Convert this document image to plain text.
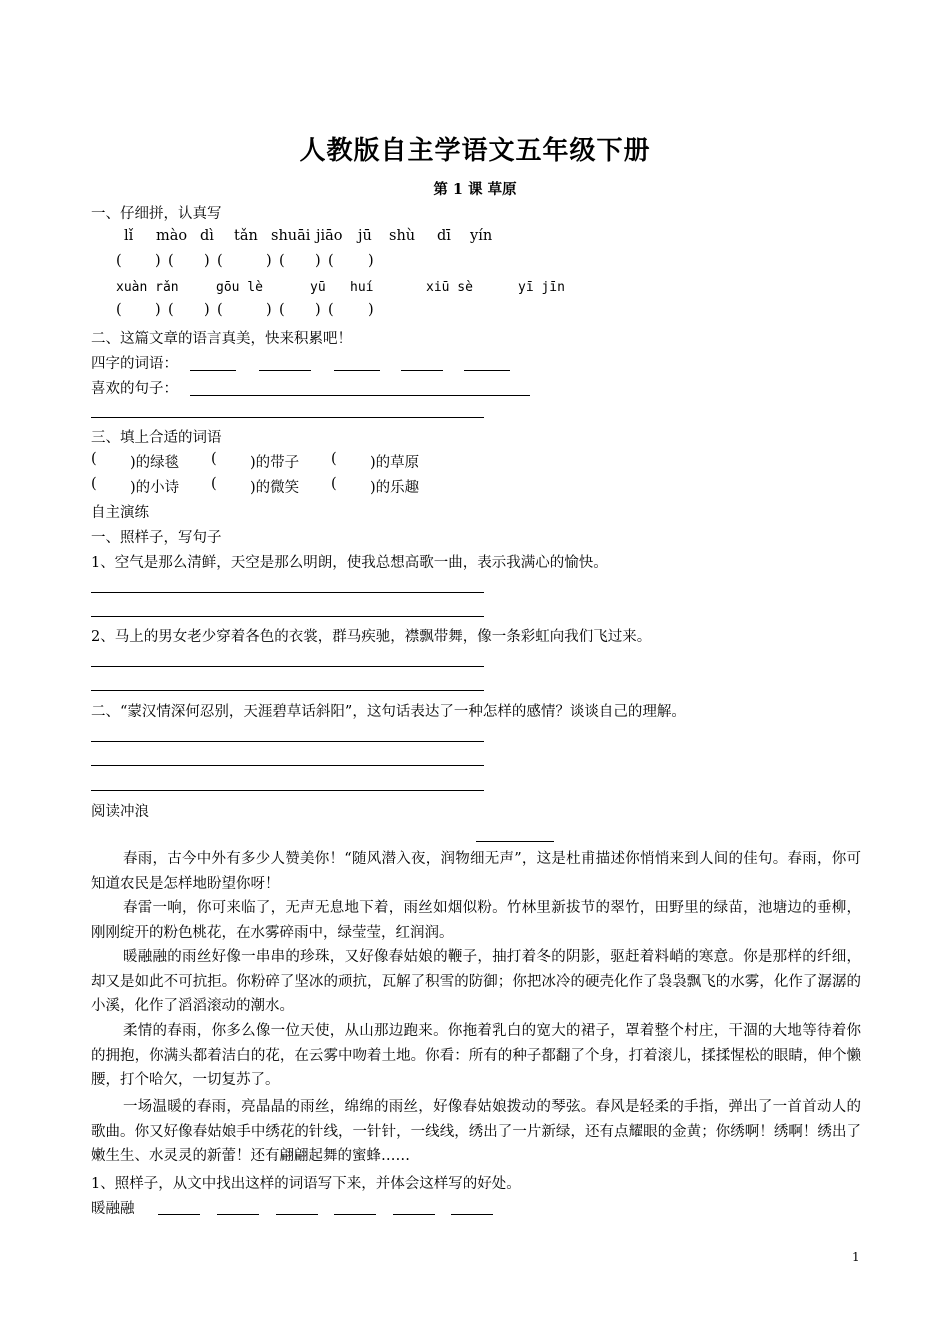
人教版自主学语文五年级下册
第 1 课 草原
一、仔细拼，认真写
lǐ mào dì tǎn shuāi jiāo jū shù dī yín
( ) ( ) (	) ( ) ( )
xuàn rǎn	gōu lè	yū huí	xiū sè	yī jīn
( ) ( ) (	) ( ) ( )
二、这篇文章的语言真美，快来积累吧！
四字的词语：
喜欢的句子：
三、填上合适的词语
( )的绿毯 ( )的带子 ( )的草原
( )的小诗 ( )的微笑 ( )的乐趣
自主演练
一、照样子，写句子
1、空气是那么清鲜，天空是那么明朗，使我总想高歌一曲，表示我满心的愉快。
2、马上的男女老少穿着各色的衣裳，群马疾驰，襟飘带舞，像一条彩虹向我们飞过来。
二、“蒙汉情深何忍别，天涯碧草话斜阳”，这句话表达了一种怎样的感情？谈谈自己的理解。
阅读冲浪
春雨，古今中外有多少人赞美你！“随风潜入夜，润物细无声”，这是杜甫描述你悄悄来到人间的佳句。春雨，你可知道农民是怎样地盼望你呀！
春雷一响，你可来临了，无声无息地下着，雨丝如烟似粉。竹林里新拔节的翠竹，田野里的绿苗，池塘边的垂柳，刚刚绽开的粉色桃花，在水雾碎雨中，绿莹莹，红润润。
暖融融的雨丝好像一串串的珍珠，又好像春姑娘的鞭子，抽打着冬的阴影，驱赶着料峭的寒意。你是那样的纤细，却又是如此不可抗拒。你粉碎了坚冰的顽抗，瓦解了积雪的防御；你把冰冷的硬壳化作了袅袅飘飞的水雾，化作了潺潺的小溪，化作了滔滔滚动的潮水。
柔情的春雨，你多么像一位天使，从山那边跑来。你拖着乳白的宽大的裙子，罩着整个村庄，干涸的大地等待着你的拥抱，你满头都着洁白的花，在云雾中吻着土地。你看：所有的种子都翻了个身，打着滚儿，揉揉惺松的眼睛，伸个懒腰，打个哈欠，一切复苏了。
一场温暖的春雨，亮晶晶的雨丝，绵绵的雨丝，好像春姑娘拨动的琴弦。春风是轻柔的手指，弹出了一首首动人的歌曲。你又好像春姑娘手中绣花的针线，一针针，一线线，绣出了一片新绿，还有点耀眼的金黄；你绣啊！绣啊！绣出了嫩生生、水灵灵的新蕾！还有翩翩起舞的蜜蜂……
1、照样子，从文中找出这样的词语写下来，并体会这样写的好处。
暖融融
1
